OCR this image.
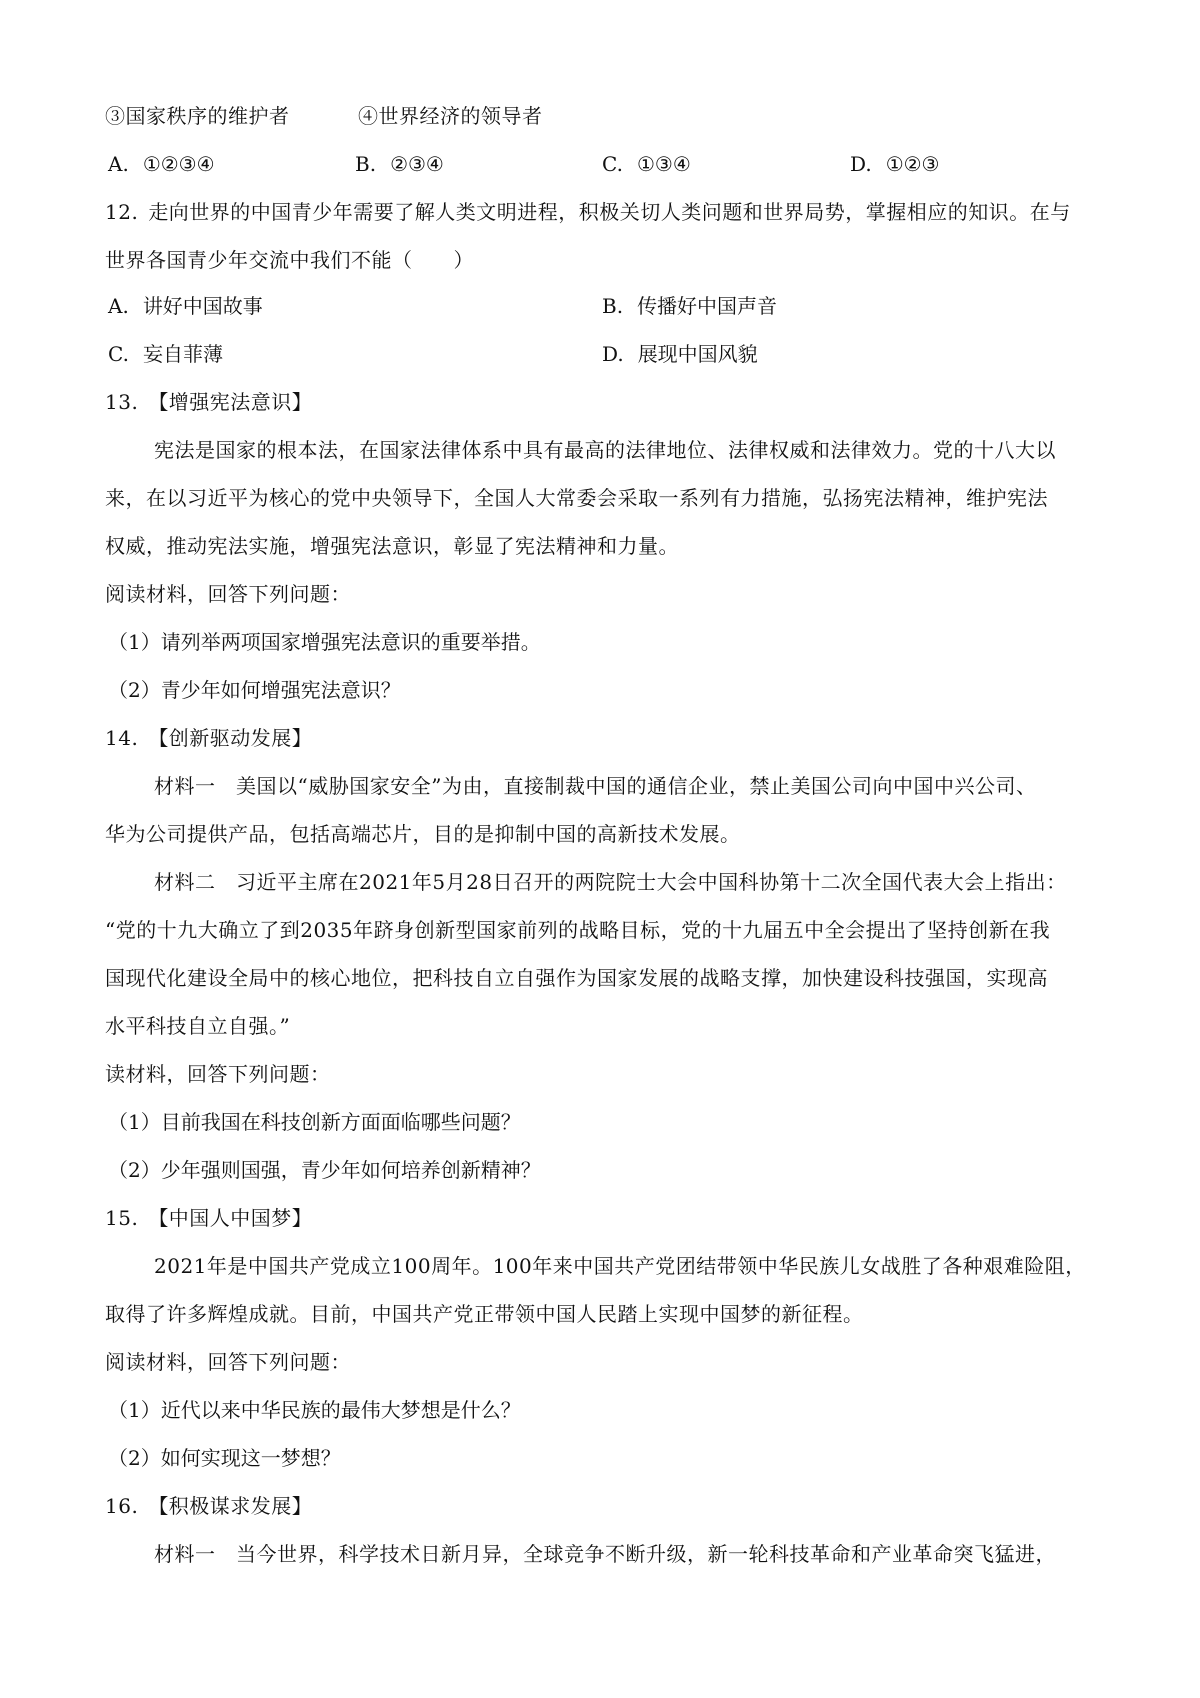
③国家秩序的维护者	④世界经济的领导者
A. ①②③④	B. ②③④	C. ①③④	D. ①②③
12. 走向世界的中国青少年需要了解人类文明进程，积极关切人类问题和世界局势，掌握相应的知识。在与
世界各国青少年交流中我们不能（　　）
A. 讲好中国故事	B. 传播好中国声音
C. 妄自菲薄	D. 展现中国风貌
13. 【增强宪法意识】
宪法是国家的根本法，在国家法律体系中具有最高的法律地位、法律权威和法律效力。党的十八大以
来，在以习近平为核心的党中央领导下，全国人大常委会采取一系列有力措施，弘扬宪法精神，维护宪法
权威，推动宪法实施，增强宪法意识，彰显了宪法精神和力量。
阅读材料，回答下列问题：
（1）请列举两项国家增强宪法意识的重要举措。
（2）青少年如何增强宪法意识？
14. 【创新驱动发展】
材料一　美国以“威胁国家安全”为由，直接制裁中国的通信企业，禁止美国公司向中国中兴公司、
华为公司提供产品，包括高端芯片，目的是抑制中国的高新技术发展。
材料二　习近平主席在2021年5月28日召开的两院院士大会中国科协第十二次全国代表大会上指出：
“党的十九大确立了到2035年跻身创新型国家前列的战略目标，党的十九届五中全会提出了坚持创新在我
国现代化建设全局中的核心地位，把科技自立自强作为国家发展的战略支撑，加快建设科技强国，实现高
水平科技自立自强。”
读材料，回答下列问题：
（1）目前我国在科技创新方面面临哪些问题？
（2）少年强则国强，青少年如何培养创新精神？
15. 【中国人中国梦】
2021年是中国共产党成立100周年。100年来中国共产党团结带领中华民族儿女战胜了各种艰难险阻，
取得了许多辉煌成就。目前，中国共产党正带领中国人民踏上实现中国梦的新征程。
阅读材料，回答下列问题：
（1）近代以来中华民族的最伟大梦想是什么？
（2）如何实现这一梦想？
16. 【积极谋求发展】
材料一　当今世界，科学技术日新月异，全球竞争不断升级，新一轮科技革命和产业革命突飞猛进，
